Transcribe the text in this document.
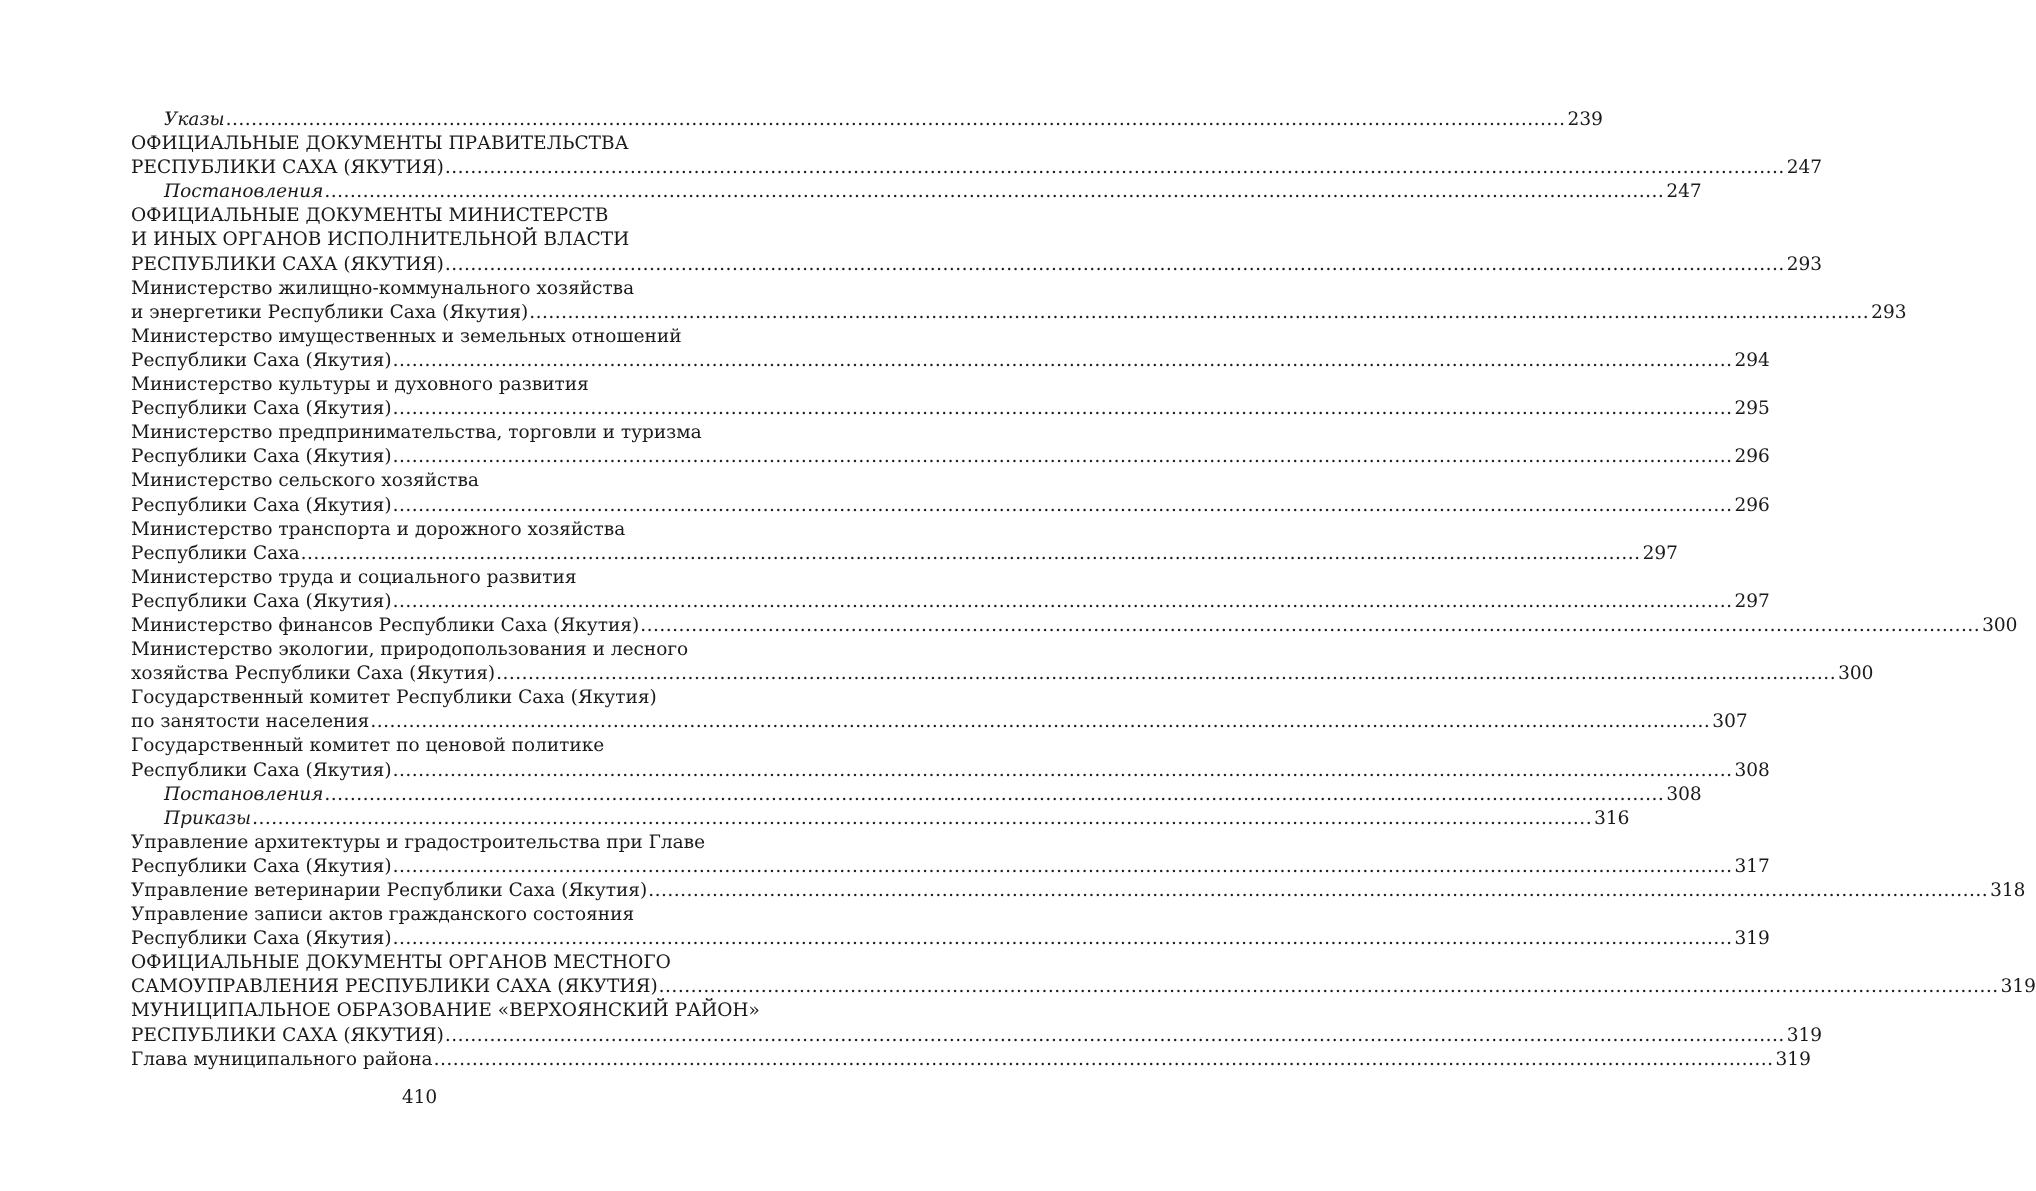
Указы .....	239
ОФИЦИАЛЬНЫЕ ДОКУМЕНТЫ ПРАВИТЕЛЬСТВА
РЕСПУБЛИКИ САХА (ЯКУТИЯ) .....	247
Постановления .....	247
ОФИЦИАЛЬНЫЕ ДОКУМЕНТЫ МИНИСТЕРСТВ
И ИНЫХ ОРГАНОВ ИСПОЛНИТЕЛЬНОЙ ВЛАСТИ
РЕСПУБЛИКИ САХА (ЯКУТИЯ) .....	293
Министерство жилищно-коммунального хозяйства
и энергетики Республики Саха (Якутия) .....	293
Министерство имущественных и земельных отношений
Республики Саха (Якутия) .....	294
Министерство культуры и духовного развития
Республики Саха (Якутия) .....	295
Министерство предпринимательства, торговли и туризма
Республики Саха (Якутия) .....	296
Министерство сельского хозяйства
Республики Саха (Якутия) .....	296
Министерство транспорта и дорожного хозяйства
Республики Саха .....	297
Министерство труда и социального развития
Республики Саха (Якутия) .....	297
Министерство финансов Республики Саха (Якутия) .....	300
Министерство экологии, природопользования и лесного
хозяйства Республики Саха (Якутия) .....	300
Государственный комитет Республики Саха (Якутия)
по занятости населения .....	307
Государственный комитет по ценовой политике
Республики Саха (Якутия) .....	308
Постановления .....	308
Приказы .....	316
Управление архитектуры и градостроительства при Главе
Республики Саха (Якутия) .....	317
Управление ветеринарии Республики Саха (Якутия) .....	318
Управление записи актов гражданского состояния
Республики Саха (Якутия) .....	319
ОФИЦИАЛЬНЫЕ ДОКУМЕНТЫ ОРГАНОВ МЕСТНОГО
САМОУПРАВЛЕНИЯ РЕСПУБЛИКИ САХА (ЯКУТИЯ) .....	319
МУНИЦИПАЛЬНОЕ ОБРАЗОВАНИЕ «ВЕРХОЯНСКИЙ РАЙОН»
РЕСПУБЛИКИ САХА (ЯКУТИЯ) .....	319
Глава муниципального района .....	319
410
